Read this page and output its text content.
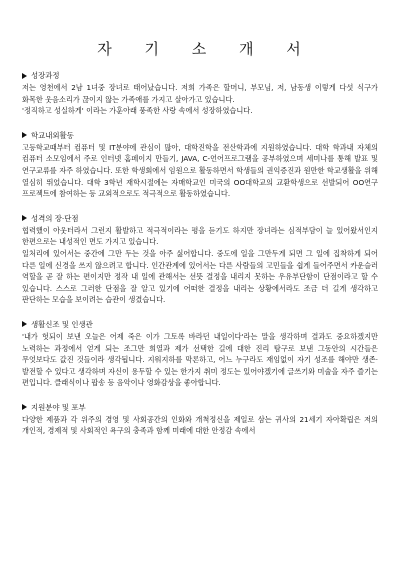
자 기 소 개 서
성장과정

저는 영천에서 2남 1녀중 장녀로 태어났습니다. 저희 가족은 할머니, 부모님, 저, 남동생 이렇게 다섯 식구가 화목한 웃음소리가 끊이지 않는 가족애를 가지고 살아가고 있습니다.

'정직하고 성실하게' 이라는 가훈아래 풍족한 사랑 속에서 성장하였습니다.

학교내외활동

고등학교때부터 컴퓨터 및 IT분야에 관심이 많아, 대학진학을 전산학과에 지원하였습니다. 대학 학과내 자체의 컴퓨터 소모임에서 주로 인터넷 홈페이지 만들기, JAVA, C-언어프로그램을 공부하였으며 세미나를 통해 발표 및 연구교류를 자주 하였습니다. 또한 학생회에서 임원으로 활동하면서 학생들의 권익증진과 원만한 학교생활을 위해 열심히 뛰었습니다. 대학 3학년 재학시절에는 자매학교인 미국의 OO대학교의 교환학생으로 선발되어 OO연구 프로젝트에 참여하는 등 교외적으로도 적극적으로 활동하였습니다.

성격의 장·단점

협력했이 아웃터라서 그런지 활발하고 적극적이라는 평을 듣기도 하지만 장녀라는 심적부담이 늘 있어왔서인지 한편으로는 내성적인 면도 가지고 있습니다.

일처리에 있어서는 중간에 그만 두는 것을 아주 싫어합니다. 중도에 일을 그만두게 되면 그 일에 집착하게 되어 다른 일에 신경을 쓰지 않으려고 합니다. 인간관계에 있어서는 다른 사람들의 고민들을 쉽게 들어주면서 카운슬러 역할을 곧 잘 하는 편이지만 정작 내 일에 관해서는 선뜻 결정을 내리지 못하는 우유부단함이 단점이라고 할 수 있습니다. 스스로 그러한 단점을 잘 알고 있기에 어떠한 결정을 내리는 상황에서라도 조금 더 길게 생각하고 판단하는 모습을 보이려는 습관이 생겼습니다.

생활신조 및 인생관

'내가 헛되이 보낸 오늘은 어제 죽은 이가 그토록 바라던 내일이다'라는 말을 생각하며 결과도 중요하겠지만 노력하는 과정에서 얻게 되는 조그만 희열과 제가 선택한 길에 대한 진리 탐구로 보낸 그동안의 시간들은 무엇보다도 값진 것들이라 생각됩니다. 지워지하를 막론하고, 어느 누구라도 재임없이 자기 성조를 해야만 생존·발전할 수 있다고 생각하며 자신이 용두할 수 있는 한가지 취미 정도는 있어야겠기에 글쓰기와 미술을 자주 즐기는 편입니다. 클래식이나 팝송 등 음악이나 영화감상을 좋아합니다.

지원분야 및 포부

다양한 제품과 각 위주의 경영 및 사회공간의 인화와 개척정신을 제일로 삼는 귀사의 21세기 자아확립은 저의 개인적, 경제적 및 사회적인 욕구의 충족과 함께 미래에 대한 안정감 속에서
